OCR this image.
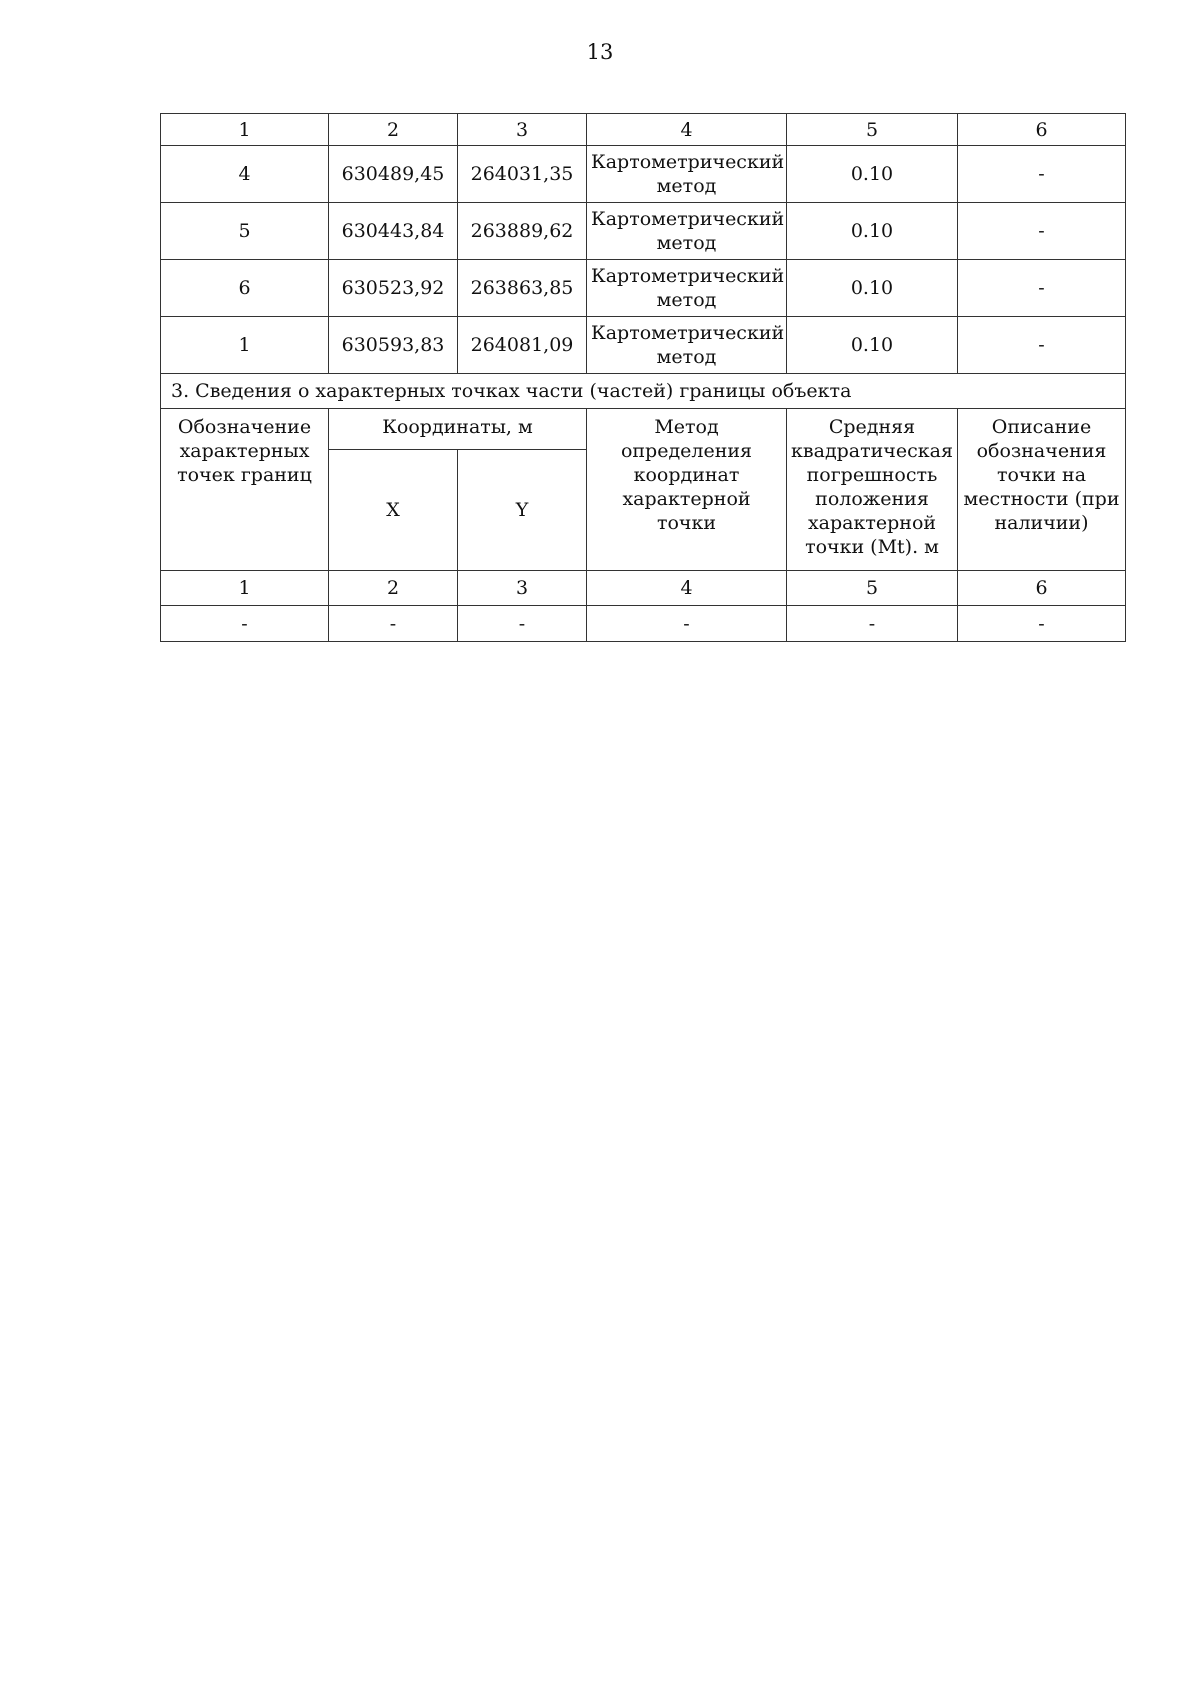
13
1	2	3	4	5	6
4	630489,45	264031,35	Картометрический метод	0.10	-
5	630443,84	263889,62	Картометрический метод	0.10	-
6	630523,92	263863,85	Картометрический метод	0.10	-
1	630593,83	264081,09	Картометрический метод	0.10	-
3. Сведения о характерных точках части (частей) границы объекта					
Обозначение характерных точек границ	Координаты, м		Метод определения координат характерной точки	Средняя квадратическая погрешность положения характерной точки (Mt). м	Описание обозначения точки на местности (при наличии)
	X	Y			
1	2	3	4	5	6
-	-	-	-	-	-
